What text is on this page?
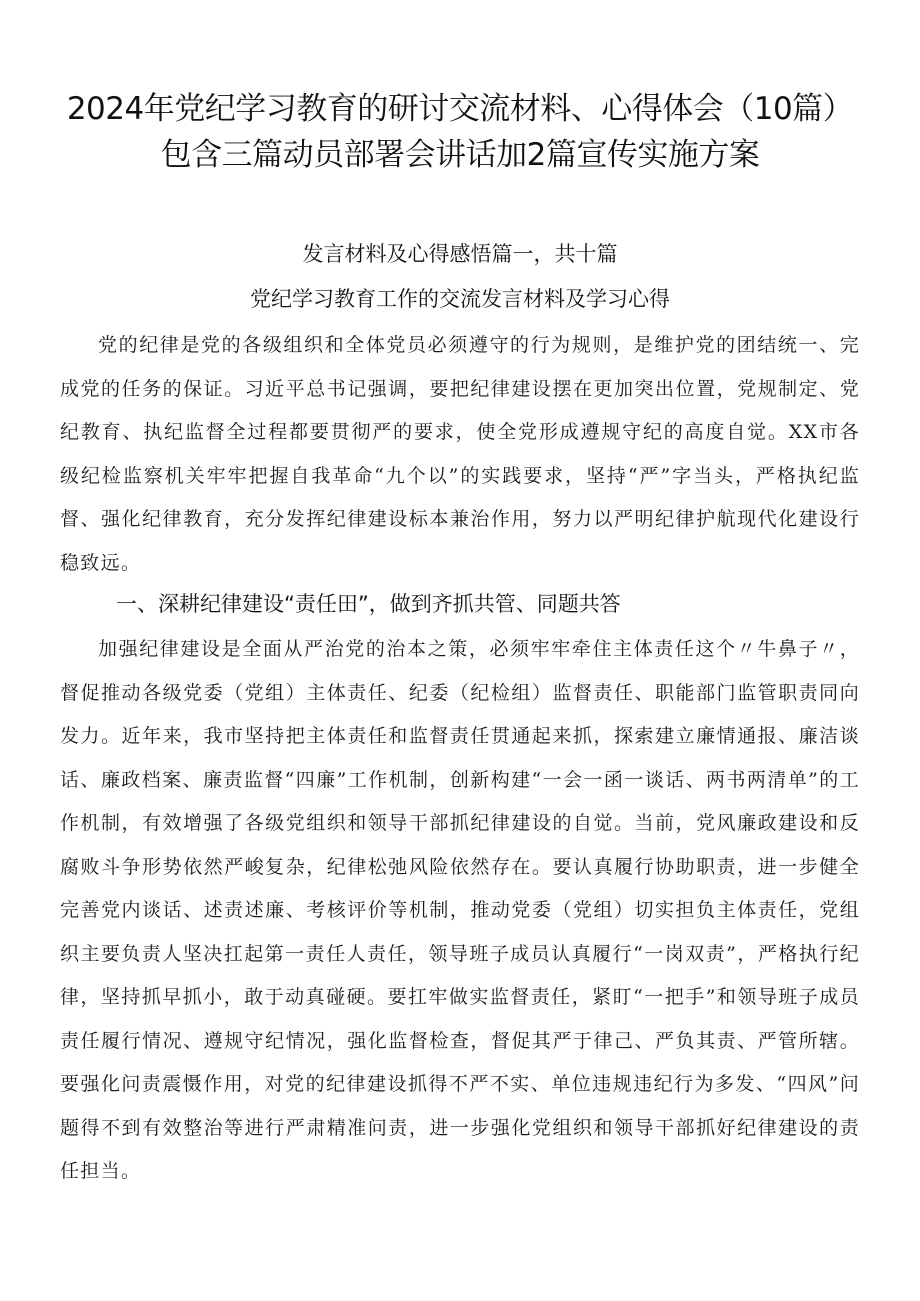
2024年党纪学习教育的研讨交流材料、心得体会（10篇）包含三篇动员部署会讲话加2篇宣传实施方案
发言材料及心得感悟篇一，共十篇
党纪学习教育工作的交流发言材料及学习心得

党的纪律是党的各级组织和全体党员必须遵守的行为规则，是维护党的团结统一、完成党的任务的保证。习近平总书记强调，要把纪律建设摆在更加突出位置，党规制定、党纪教育、执纪监督全过程都要贯彻严的要求，使全党形成遵规守纪的高度自觉。XX市各级纪检监察机关牢牢把握自我革命“九个以”的实践要求，坚持“严”字当头，严格执纪监督、强化纪律教育，充分发挥纪律建设标本兼治作用，努力以严明纪律护航现代化建设行稳致远。

一、深耕纪律建设“责任田”，做到齐抓共管、同题共答

加强纪律建设是全面从严治党的治本之策，必须牢牢牵住主体责任这个〃牛鼻子〃，督促推动各级党委（党组）主体责任、纪委（纪检组）监督责任、职能部门监管职责同向发力。近年来，我市坚持把主体责任和监督责任贯通起来抓，探索建立廉情通报、廉洁谈话、廉政档案、廉责监督“四廉”工作机制，创新构建“一会一函一谈话、两书两清单”的工作机制，有效增强了各级党组织和领导干部抓纪律建设的自觉。当前，党风廉政建设和反腐败斗争形势依然严峻复杂，纪律松弛风险依然存在。要认真履行协助职责，进一步健全完善党内谈话、述责述廉、考核评价等机制，推动党委（党组）切实担负主体责任，党组织主要负责人坚决扛起第一责任人责任，领导班子成员认真履行“一岗双责”，严格执行纪律，坚持抓早抓小，敢于动真碰硬。要扛牢做实监督责任，紧盯“一把手”和领导班子成员责任履行情况、遵规守纪情况，强化监督检查，督促其严于律己、严负其责、严管所辖。要强化问责震慑作用，对党的纪律建设抓得不严不实、单位违规违纪行为多发、“四风”问题得不到有效整治等进行严肃精准问责，进一步强化党组织和领导干部抓好纪律建设的责任担当。
